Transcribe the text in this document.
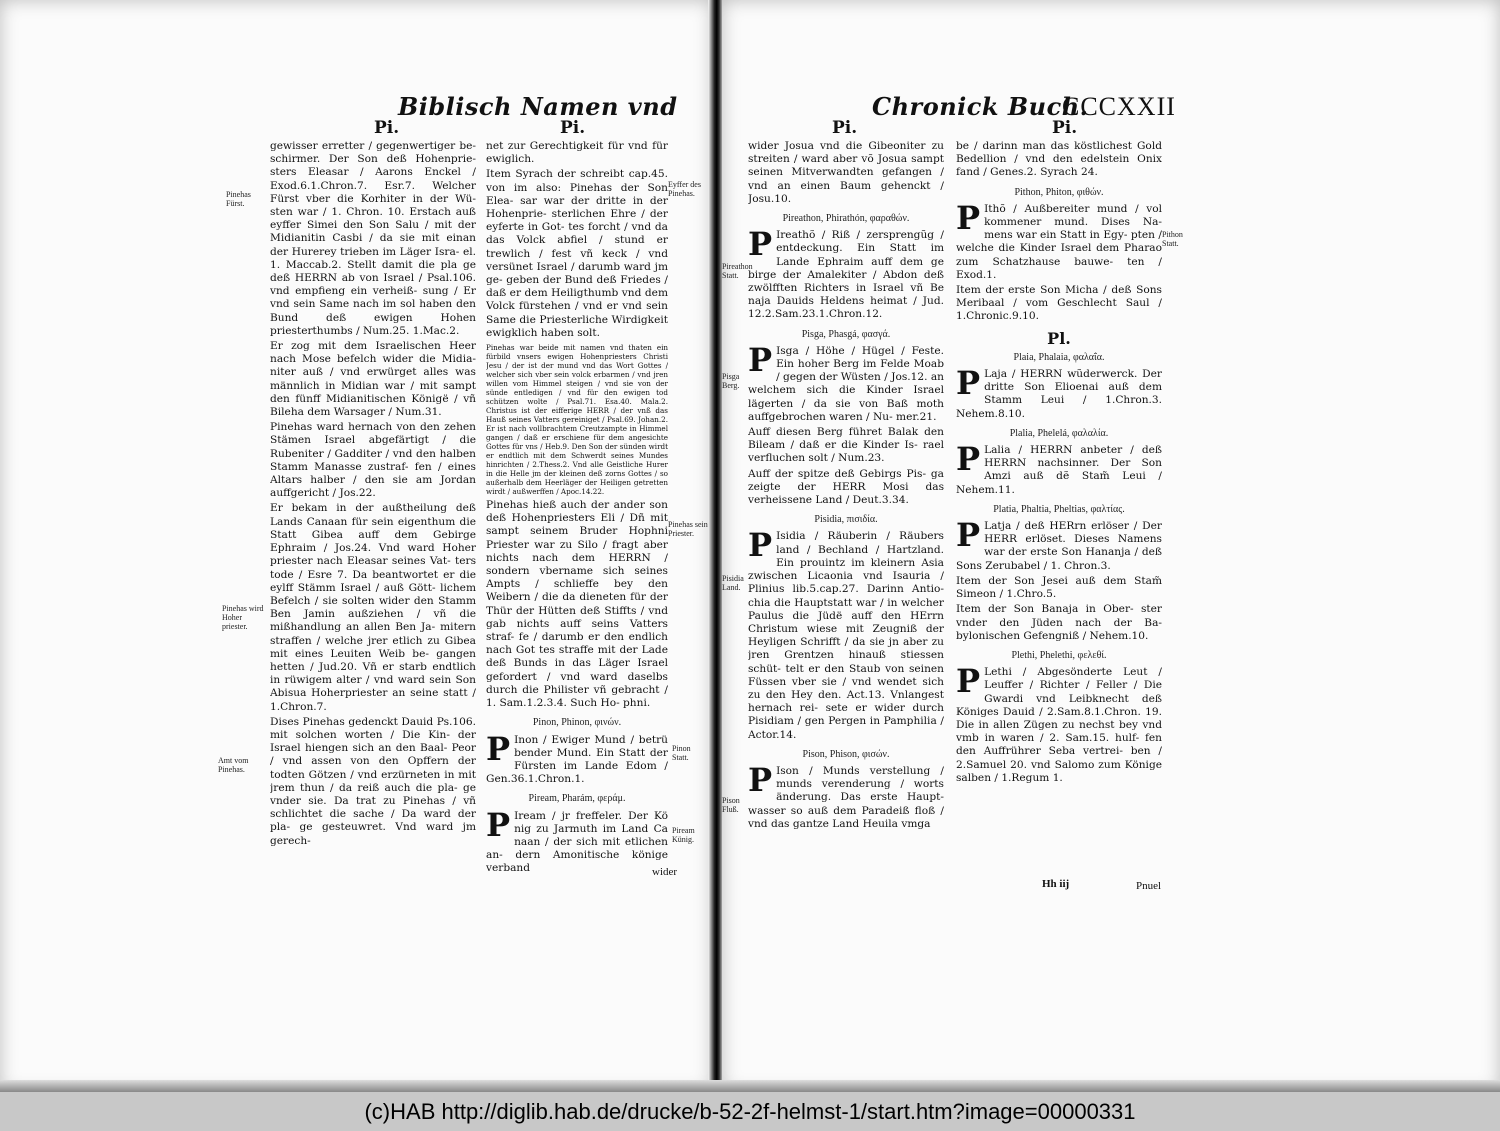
Biblisch Namen vnd
Pi.	Pi.
Pinehas Fürst.
Pinehas wird Hoher priester.
Amt vom Pinehas.
Eyffer des Pinehas.
Pinehas sein Priester.
Pinon Statt.
Piream Künig.

gewisser erretter / gegenwertiger be- schirmer. Der Son deß Hohenprie- sters Eleasar / Aarons Enckel / Exod.6.1.Chron.7. Esr.7. Welcher Fürst vber die Korhiter in der Wü- sten war / 1. Chron. 10. Erstach auß eyffer Simei den Son Salu / mit der Midianitin Casbi / da sie mit einan der Hurerey trieben im Läger Isra- el. 1. Maccab.2. Stellt damit die pla ge deß HERRN ab von Israel / Psal.106. vnd empfieng ein verheiß- sung / Er vnd sein Same nach im sol haben den Bund deß ewigen Hohen priesterthumbs / Num.25. 1.Mac.2.

Er zog mit dem Israelischen Heer nach Mose befelch wider die Midia- niter auß / vnd erwürget alles was männlich in Midian war / mit sampt den fünff Midianitischen Königë / vñ Bileha dem Warsager / Num.31.

Pinehas ward hernach von den zehen Stämen Israel abgefärtigt / die Rubeniter / Gadditer / vnd den halben Stamm Manasse zustraf- fen / eines Altars halber / den sie am Jordan auffgericht / Jos.22.

Er bekam in der außtheilung deß Lands Canaan für sein eigenthum die Statt Gibea auff dem Gebirge Ephraim / Jos.24. Vnd ward Hoher priester nach Eleasar seines Vat- ters tode / Esre 7. Da beantwortet er die eylff Stämm Israel / auß Gött- lichem Befelch / sie solten wider den Stamm Ben Jamin außziehen / vñ die mißhandlung an allen Ben Ja- mitern straffen / welche jrer etlich zu Gibea mit eines Leuiten Weib be- gangen hetten / Jud.20. Vñ er starb endtlich in rüwigem alter / vnd ward sein Son Abisua Hoherpriester an seine statt / 1.Chron.7.

Dises Pinehas gedenckt Dauid Ps.106. mit solchen worten / Die Kin- der Israel hiengen sich an den Baal- Peor / vnd assen von den Opffern der todten Götzen / vnd erzürneten in mit jrem thun / da reiß auch die pla- ge vnder sie. Da trat zu Pinehas / vñ schlichtet die sache / Da ward der pla- ge gesteuwret. Vnd ward jm gerech-

net zur Gerechtigkeit für vnd für ewiglich.

Item Syrach der schreibt cap.45. von im also: Pinehas der Son Elea- sar war der dritte in der Hohenprie- sterlichen Ehre / der eyferte in Got- tes forcht / vnd da das Volck abfiel / stund er trewlich / fest vñ keck / vnd versünet Israel / darumb ward jm ge- geben der Bund deß Friedes / daß er dem Heiligthumb vnd dem Volck fürstehen / vnd er vnd sein Same die Priesterliche Wirdigkeit ewigklich haben solt.

Pinehas war beide mit namen vnd thaten ein fürbild vnsers ewigen Hohenpriesters Christi Jesu / der ist der mund vnd das Wort Gottes / welcher sich vber sein volck erbarmen / vnd jren willen vom Himmel steigen / vnd sie von der sünde entledigen / vnd für den ewigen tod schützen wolte / Psal.71. Esa.40. Mala.2. Christus ist der eifferige HERR / der vnß das Hauß seines Vatters gereiniget / Psal.69. Johan.2. Er ist nach vollbrachtem Creutzampte in Himmel gangen / daß er erschiene für dem angesichte Gottes für vns / Heb.9. Den Son der sünden wirdt er endtlich mit dem Schwerdt seines Mundes hinrichten / 2.Thess.2. Vnd alle Geistliche Hurer in die Helle jm der kleinen deß zorns Gottes / so außerhalb dem Heerläger der Heiligen getretten wirdt / außwerffen / Apoc.14.22.

Pinehas hieß auch der ander son deß Hohenpriesters Eli / Dñ mit sampt seinem Bruder Hophni Priester war zu Silo / fragt aber nichts nach dem HERRN / sondern vbername sich seines Ampts / schlieffe bey den Weibern / die da dieneten für der Thür der Hütten deß Stiffts / vnd gab nichts auff seins Vatters straf- fe / darumb er den endlich nach Got tes straffe mit der Lade deß Bunds in das Läger Israel gefordert / vnd ward daselbs durch die Philister vñ gebracht / 1. Sam.1.2.3.4. Such Ho- phni.

Pinon, Phinon, φινών.

P Inon / Ewiger Mund / betrü bender Mund. Ein Statt der Fürsten im Lande Edom / Gen.36.1.Chron.1.

Piream, Pharám, φεράμ.

P Iream / jr freffeler. Der Kö nig zu Jarmuth im Land Ca naan / der sich mit etlichen an- dern Amonitische könige verband	wider
Chronick Buch.
CCCXXII
Pi.	Pi.
Pireathon Statt.
Pisga Berg.
Pisidia Land.
Pison Fluß.
Pithon Statt.

wider Josua vnd die Gibeoniter zu streiten / ward aber võ Josua sampt seinen Mitverwandten gefangen / vnd an einen Baum gehenckt / Josu.10.

Pireathon, Phirathón, φαραθών.

P Ireathõ / Riß / zersprengũg / entdeckung. Ein Statt im Lande Ephraim auff dem ge birge der Amalekiter / Abdon deß zwölfften Richters in Israel vñ Be naja Dauids Heldens heimat / Jud. 12.2.Sam.23.1.Chron.12.

Pisga, Phasgá, φασγά.

P Isga / Höhe / Hügel / Feste. Ein hoher Berg im Felde Moab / gegen der Wüsten / Jos.12. an welchem sich die Kinder Israel lägerten / da sie von Baß moth auffgebrochen waren / Nu- mer.21.

Auff diesen Berg führet Balak den Bileam / daß er die Kinder Is- rael verfluchen solt / Num.23.

Auff der spitze deß Gebirgs Pis- ga zeigte der HERR Mosi das verheissene Land / Deut.3.34.

Pisidia, πισιδία.

P Isidia / Räuberin / Räubers land / Bechland / Hartzland. Ein prouintz im kleinern Asia zwischen Licaonia vnd Isauria / Plinius lib.5.cap.27. Darinn Antio- chia die Hauptstatt war / in welcher Paulus die Jüdë auff den HErrn Christum wiese mit Zeugniß der Heyligen Schrifft / da sie jn aber zu jren Grentzen hinauß stiessen schüt- telt er den Staub von seinen Füssen vber sie / vnd wendet sich zu den Hey den. Act.13. Vnlangest hernach rei- sete er wider durch Pisidiam / gen Pergen in Pamphilia / Actor.14.

Pison, Phison, φισών.

P Ison / Munds verstellung / munds verenderung / worts änderung. Das erste Haupt- wasser so auß dem Paradeiß floß / vnd das gantze Land Heuila vmga

be / darinn man das köstlichest Gold Bedellion / vnd den edelstein Onix fand / Genes.2. Syrach 24.

Pithon, Phiton, φιθών.

P Ithõ / Außbereiter mund / vol kommener mund. Dises Na- mens war ein Statt in Egy- pten / welche die Kinder Israel dem Pharao zum Schatzhause bauwe- ten / Exod.1.

Item der erste Son Micha / deß Sons Meribaal / vom Geschlecht Saul / 1.Chronic.9.10.

Pl.
Plaia, Phalaia, φαλαΐα.

P Laja / HERRN wũderwerck. Der dritte Son Elioenai auß dem Stamm Leui / 1.Chron.3. Nehem.8.10.

Plalia, Phelelá, φαλαλία.

P Lalia / HERRN anbeter / deß HERRN nachsinner. Der Son Amzi auß dẽ Stam̃ Leui / Nehem.11.

Platia, Phaltia, Pheltias, φαλτίας.

P Latja / deß HERrn erlöser / Der HERR erlöset. Dieses Namens war der erste Son Hananja / deß Sons Zerubabel / 1. Chron.3.

Item der Son Jesei auß dem Stam̃ Simeon / 1.Chro.5.

Item der Son Banaja in Ober- ster vnder den Jüden nach der Ba- bylonischen Gefengniß / Nehem.10.

Plethi, Phelethi, φελεθί.

P Lethi / Abgesönderte Leut / Leuffer / Richter / Feller / Die Gwardi vnd Leibknecht deß Königes Dauid / 2.Sam.8.1.Chron. 19. Die in allen Zügen zu nechst bey vnd vmb in waren / 2. Sam.15. hulf- fen den Auffrührer Seba vertrei- ben / 2.Samuel 20. vnd Salomo zum Könige salben / 1.Regum 1.

Hh iij	Pnuel
(c)HAB http://diglib.hab.de/drucke/b-52-2f-helmst-1/start.htm?image=00000331
